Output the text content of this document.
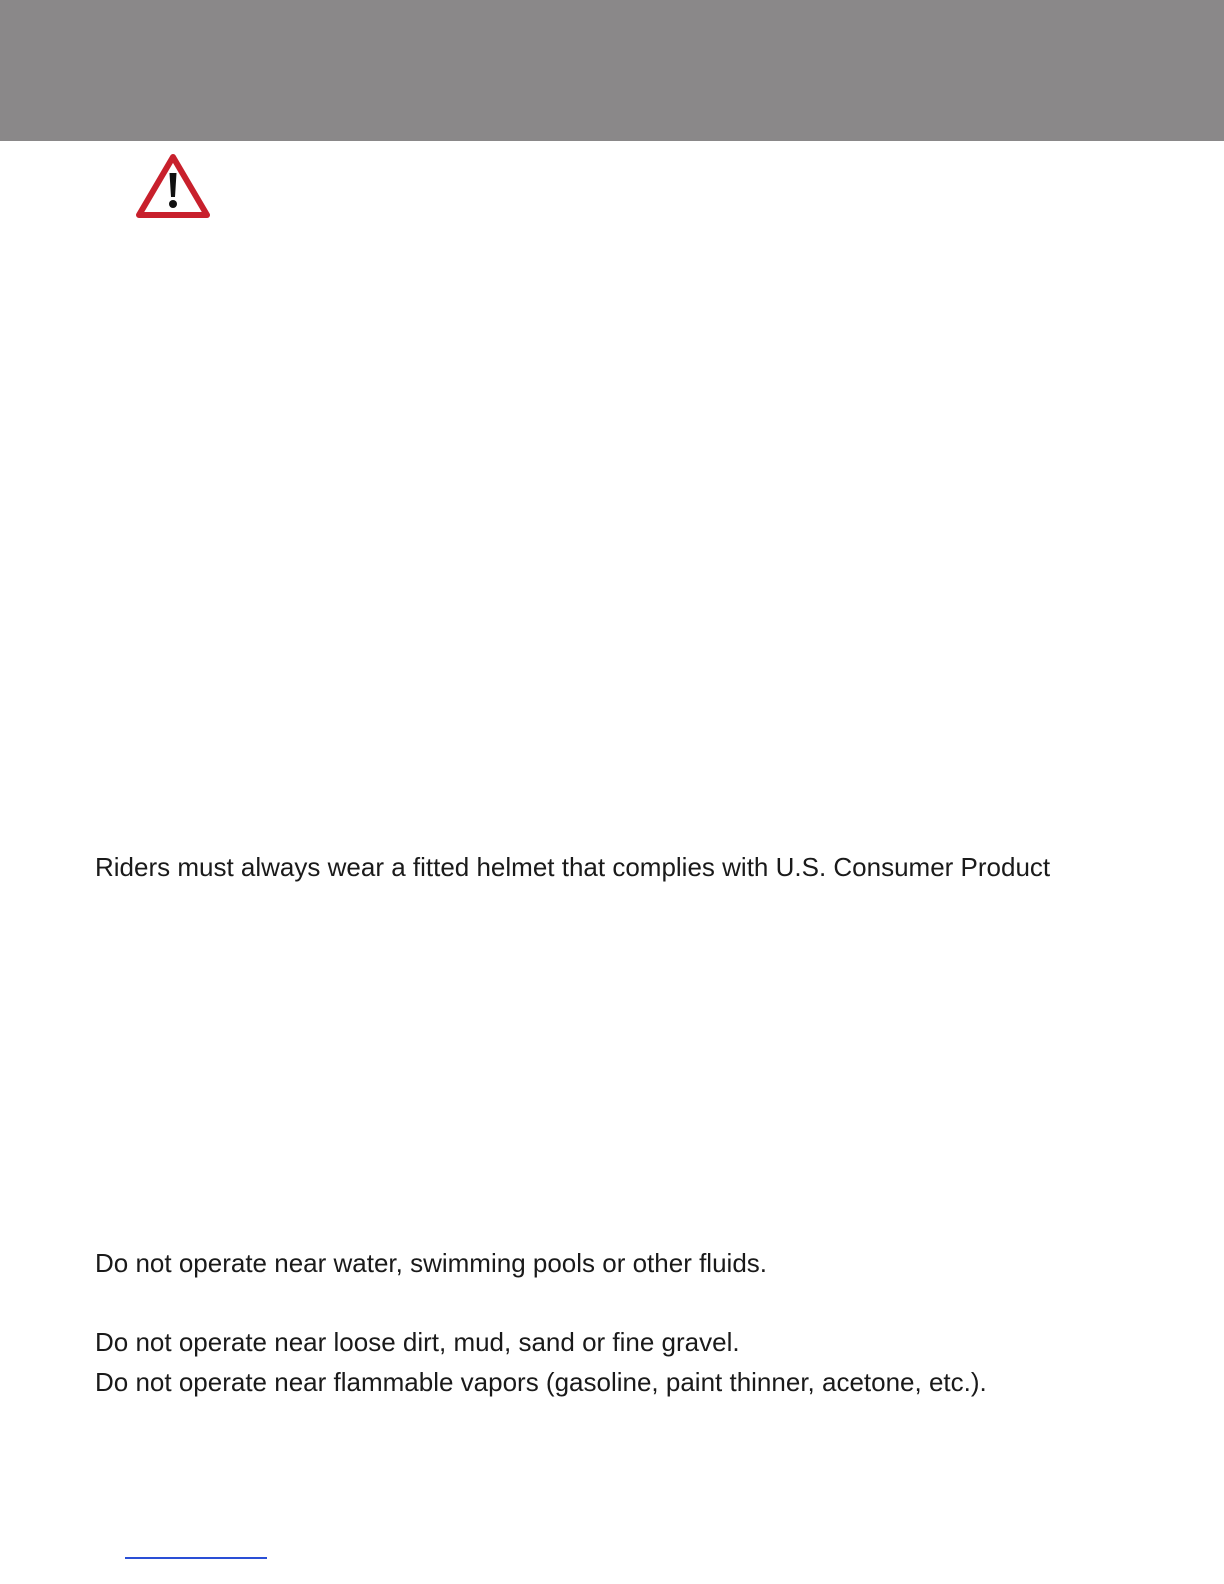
Riders must always wear a fitted helmet that complies with U.S. Consumer Product
Do not operate near water, swimming pools or other fluids.
Do not operate near loose dirt, mud, sand or fine gravel.
Do not operate near flammable vapors (gasoline, paint thinner, acetone, etc.).
